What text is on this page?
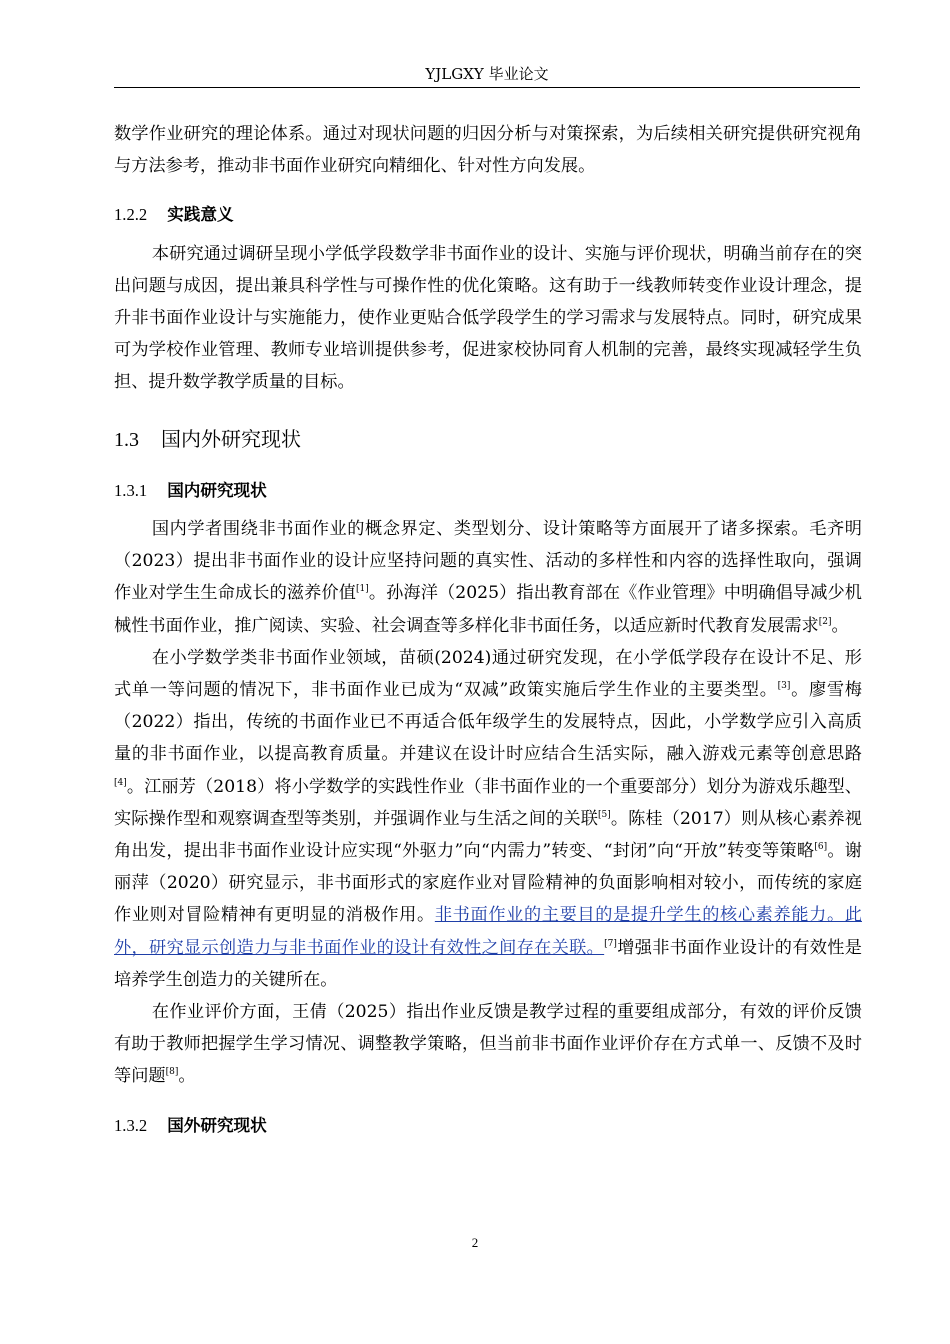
YJLGXY 毕业论文

数学作业研究的理论体系。通过对现状问题的归因分析与对策探索，为后续相关研究提供研究视角与方法参考，推动非书面作业研究向精细化、针对性方向发展。

1.2.2 实践意义

本研究通过调研呈现小学低学段数学非书面作业的设计、实施与评价现状，明确当前存在的突出问题与成因，提出兼具科学性与可操作性的优化策略。这有助于一线教师转变作业设计理念，提升非书面作业设计与实施能力，使作业更贴合低学段学生的学习需求与发展特点。同时，研究成果可为学校作业管理、教师专业培训提供参考，促进家校协同育人机制的完善，最终实现减轻学生负担、提升数学教学质量的目标。

1.3 国内外研究现状
1.3.1 国内研究现状

国内学者围绕非书面作业的概念界定、类型划分、设计策略等方面展开了诸多探索。毛齐明（2023）提出非书面作业的设计应坚持问题的真实性、活动的多样性和内容的选择性取向，强调作业对学生生命成长的滋养价值[1]。孙海洋（2025）指出教育部在《作业管理》中明确倡导减少机械性书面作业，推广阅读、实验、社会调查等多样化非书面任务，以适应新时代教育发展需求[2]。

在小学数学类非书面作业领域，苗硕(2024)通过研究发现，在小学低学段存在设计不足、形式单一等问题的情况下，非书面作业已成为“双减”政策实施后学生作业的主要类型。[3]。廖雪梅（2022）指出，传统的书面作业已不再适合低年级学生的发展特点，因此，小学数学应引入高质量的非书面作业，以提高教育质量。并建议在设计时应结合生活实际，融入游戏元素等创意思路[4]。江丽芳（2018）将小学数学的实践性作业（非书面作业的一个重要部分）划分为游戏乐趣型、实际操作型和观察调查型等类别，并强调作业与生活之间的关联[5]。陈桂（2017）则从核心素养视角出发，提出非书面作业设计应实现“外驱力”向“内需力”转变、“封闭”向“开放”转变等策略[6]。谢丽萍（2020）研究显示，非书面形式的家庭作业对冒险精神的负面影响相对较小，而传统的家庭作业则对冒险精神有更明显的消极作用。非书面作业的主要目的是提升学生的核心素养能力。此外，研究显示创造力与非书面作业的设计有效性之间存在关联。[7]增强非书面作业设计的有效性是培养学生创造力的关键所在。

在作业评价方面，王倩（2025）指出作业反馈是教学过程的重要组成部分，有效的评价反馈有助于教师把握学生学习情况、调整教学策略，但当前非书面作业评价存在方式单一、反馈不及时等问题[8]。

1.3.2 国外研究现状
2
